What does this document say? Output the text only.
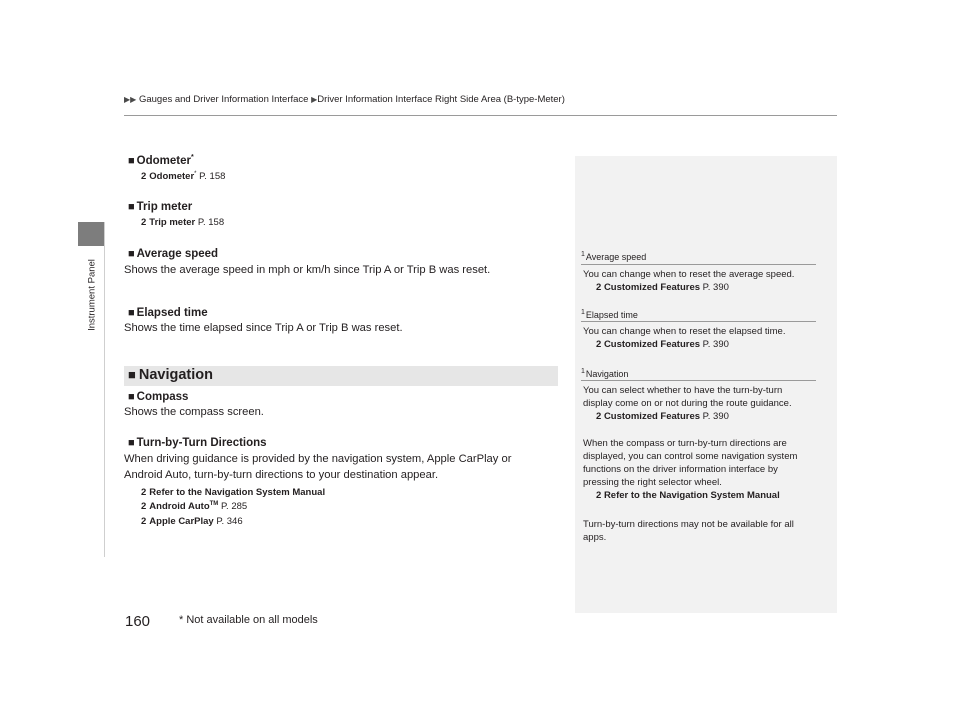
▶▶ Gauges and Driver Information Interface ▶Driver Information Interface Right Side Area (B-type-Meter)
Instrument Panel
■ Odometer*
2 Odometer* P. 158
■ Trip meter
2 Trip meter P. 158
■ Average speed
Shows the average speed in mph or km/h since Trip A or Trip B was reset.
■ Elapsed time
Shows the time elapsed since Trip A or Trip B was reset.
■ Navigation
■ Compass
Shows the compass screen.
■ Turn-by-Turn Directions
When driving guidance is provided by the navigation system, Apple CarPlay or
Android Auto, turn-by-turn directions to your destination appear.
2 Refer to the Navigation System Manual
2 Android Auto™ P. 285
2 Apple CarPlay P. 346
$^1$Average speed
You can change when to reset the average speed.
2 Customized Features P. 390
$^1$Elapsed time
You can change when to reset the elapsed time.
2 Customized Features P. 390
$^1$Navigation
You can select whether to have the turn-by-turn
display come on or not during the route guidance.
2 Customized Features P. 390
When the compass or turn-by-turn directions are
displayed, you can control some navigation system
functions on the driver information interface by
pressing the right selector wheel.
2 Refer to the Navigation System Manual
Turn-by-turn directions may not be available for all
apps.
160	* Not available on all models
